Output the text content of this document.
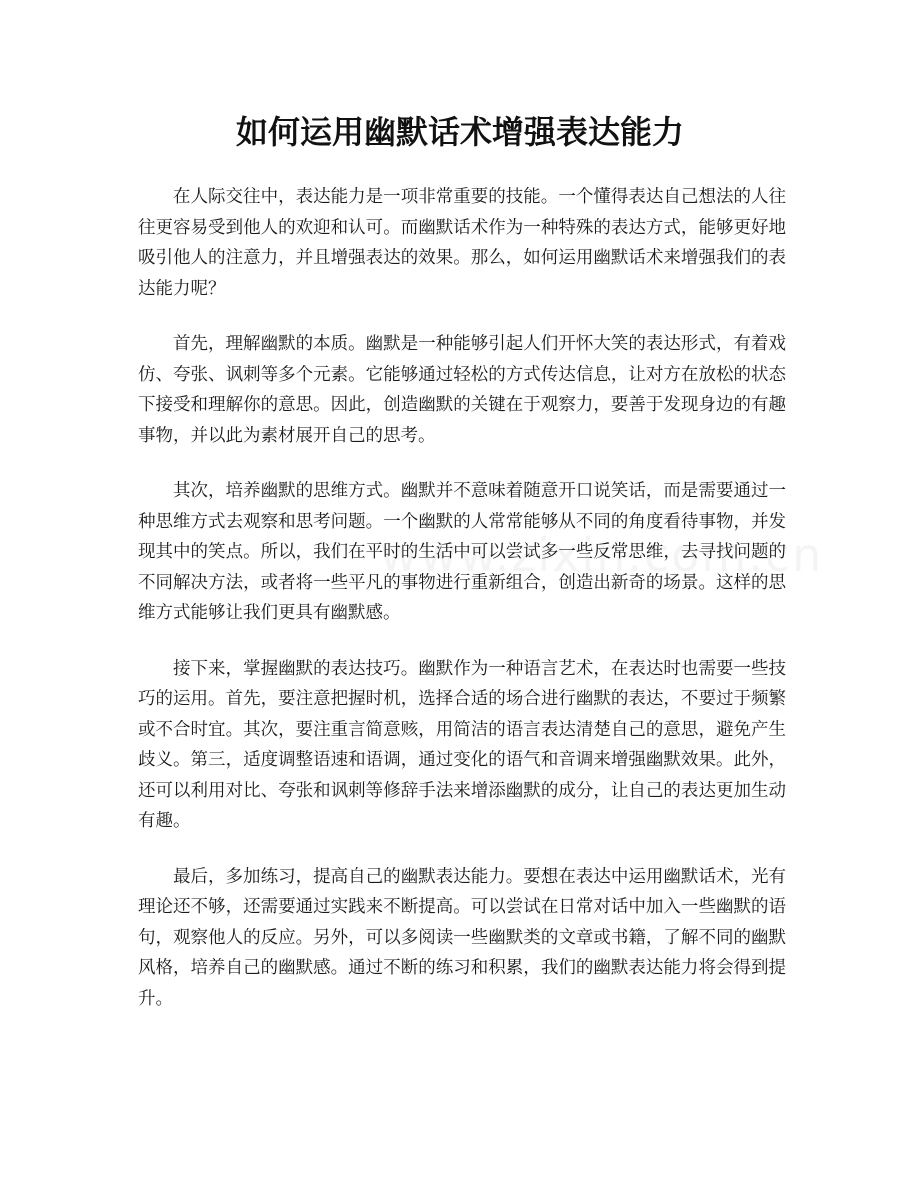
如何运用幽默话术增强表达能力

在人际交往中，表达能力是一项非常重要的技能。一个懂得表达自己想法的人往往更容易受到他人的欢迎和认可。而幽默话术作为一种特殊的表达方式，能够更好地吸引他人的注意力，并且增强表达的效果。那么，如何运用幽默话术来增强我们的表达能力呢？

首先，理解幽默的本质。幽默是一种能够引起人们开怀大笑的表达形式，有着戏仿、夸张、讽刺等多个元素。它能够通过轻松的方式传达信息，让对方在放松的状态下接受和理解你的意思。因此，创造幽默的关键在于观察力，要善于发现身边的有趣事物，并以此为素材展开自己的思考。

其次，培养幽默的思维方式。幽默并不意味着随意开口说笑话，而是需要通过一种思维方式去观察和思考问题。一个幽默的人常常能够从不同的角度看待事物，并发现其中的笑点。所以，我们在平时的生活中可以尝试多一些反常思维，去寻找问题的不同解决方法，或者将一些平凡的事物进行重新组合，创造出新奇的场景。这样的思维方式能够让我们更具有幽默感。

接下来，掌握幽默的表达技巧。幽默作为一种语言艺术，在表达时也需要一些技巧的运用。首先，要注意把握时机，选择合适的场合进行幽默的表达，不要过于频繁或不合时宜。其次，要注重言简意赅，用简洁的语言表达清楚自己的意思，避免产生歧义。第三，适度调整语速和语调，通过变化的语气和音调来增强幽默效果。此外，还可以利用对比、夸张和讽刺等修辞手法来增添幽默的成分，让自己的表达更加生动有趣。

最后，多加练习，提高自己的幽默表达能力。要想在表达中运用幽默话术，光有理论还不够，还需要通过实践来不断提高。可以尝试在日常对话中加入一些幽默的语句，观察他人的反应。另外，可以多阅读一些幽默类的文章或书籍，了解不同的幽默风格，培养自己的幽默感。通过不断的练习和积累，我们的幽默表达能力将会得到提升。
